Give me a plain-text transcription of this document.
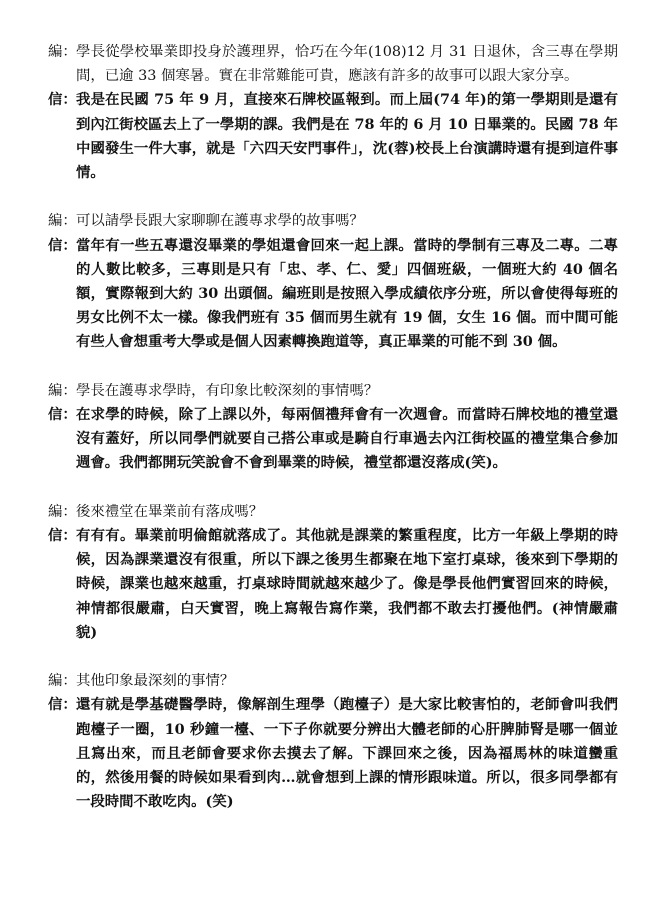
編： 學長從學校畢業即投身於護理界，恰巧在今年(108)12 月 31 日退休，含三專在學期間，已逾 33 個寒暑。實在非常難能可貴，應該有許多的故事可以跟大家分享。
信： 我是在民國 75 年 9 月，直接來石牌校區報到。而上屆(74 年)的第一學期則是還有到內江街校區去上了一學期的課。我們是在 78 年的 6 月 10 日畢業的。民國 78 年中國發生一件大事，就是「六四天安門事件」，沈(蓉)校長上台演講時還有提到這件事情。
編： 可以請學長跟大家聊聊在護專求學的故事嗎？
信： 當年有一些五專還沒畢業的學姐還會回來一起上課。當時的學制有三專及二專。二專的人數比較多，三專則是只有「忠、孝、仁、愛」四個班級，一個班大約 40 個名額，實際報到大約 30 出頭個。編班則是按照入學成績依序分班，所以會使得每班的男女比例不太一樣。像我們班有 35 個而男生就有 19 個，女生 16 個。而中間可能有些人會想重考大學或是個人因素轉換跑道等，真正畢業的可能不到 30 個。
編： 學長在護專求學時，有印象比較深刻的事情嗎？
信： 在求學的時候，除了上課以外，每兩個禮拜會有一次週會。而當時石牌校地的禮堂還沒有蓋好，所以同學們就要自己搭公車或是騎自行車過去內江街校區的禮堂集合參加週會。我們都開玩笑說會不會到畢業的時候，禮堂都還沒落成(笑)。
編： 後來禮堂在畢業前有落成嗎？
信： 有有有。畢業前明倫館就落成了。其他就是課業的繁重程度，比方一年級上學期的時候，因為課業還沒有很重，所以下課之後男生都聚在地下室打桌球，後來到下學期的時候，課業也越來越重，打桌球時間就越來越少了。像是學長他們實習回來的時候，神情都很嚴肅，白天實習，晚上寫報告寫作業，我們都不敢去打擾他們。(神情嚴肅貌)
編： 其他印象最深刻的事情？
信： 還有就是學基礎醫學時，像解剖生理學（跑檯子）是大家比較害怕的，老師會叫我們跑檯子一圈，10 秒鐘一檯、一下子你就要分辨出大體老師的心肝脾肺腎是哪一個並且寫出來，而且老師會要求你去摸去了解。下課回來之後，因為福馬林的味道蠻重的，然後用餐的時候如果看到肉…就會想到上課的情形跟味道。所以，很多同學都有一段時間不敢吃肉。(笑)
